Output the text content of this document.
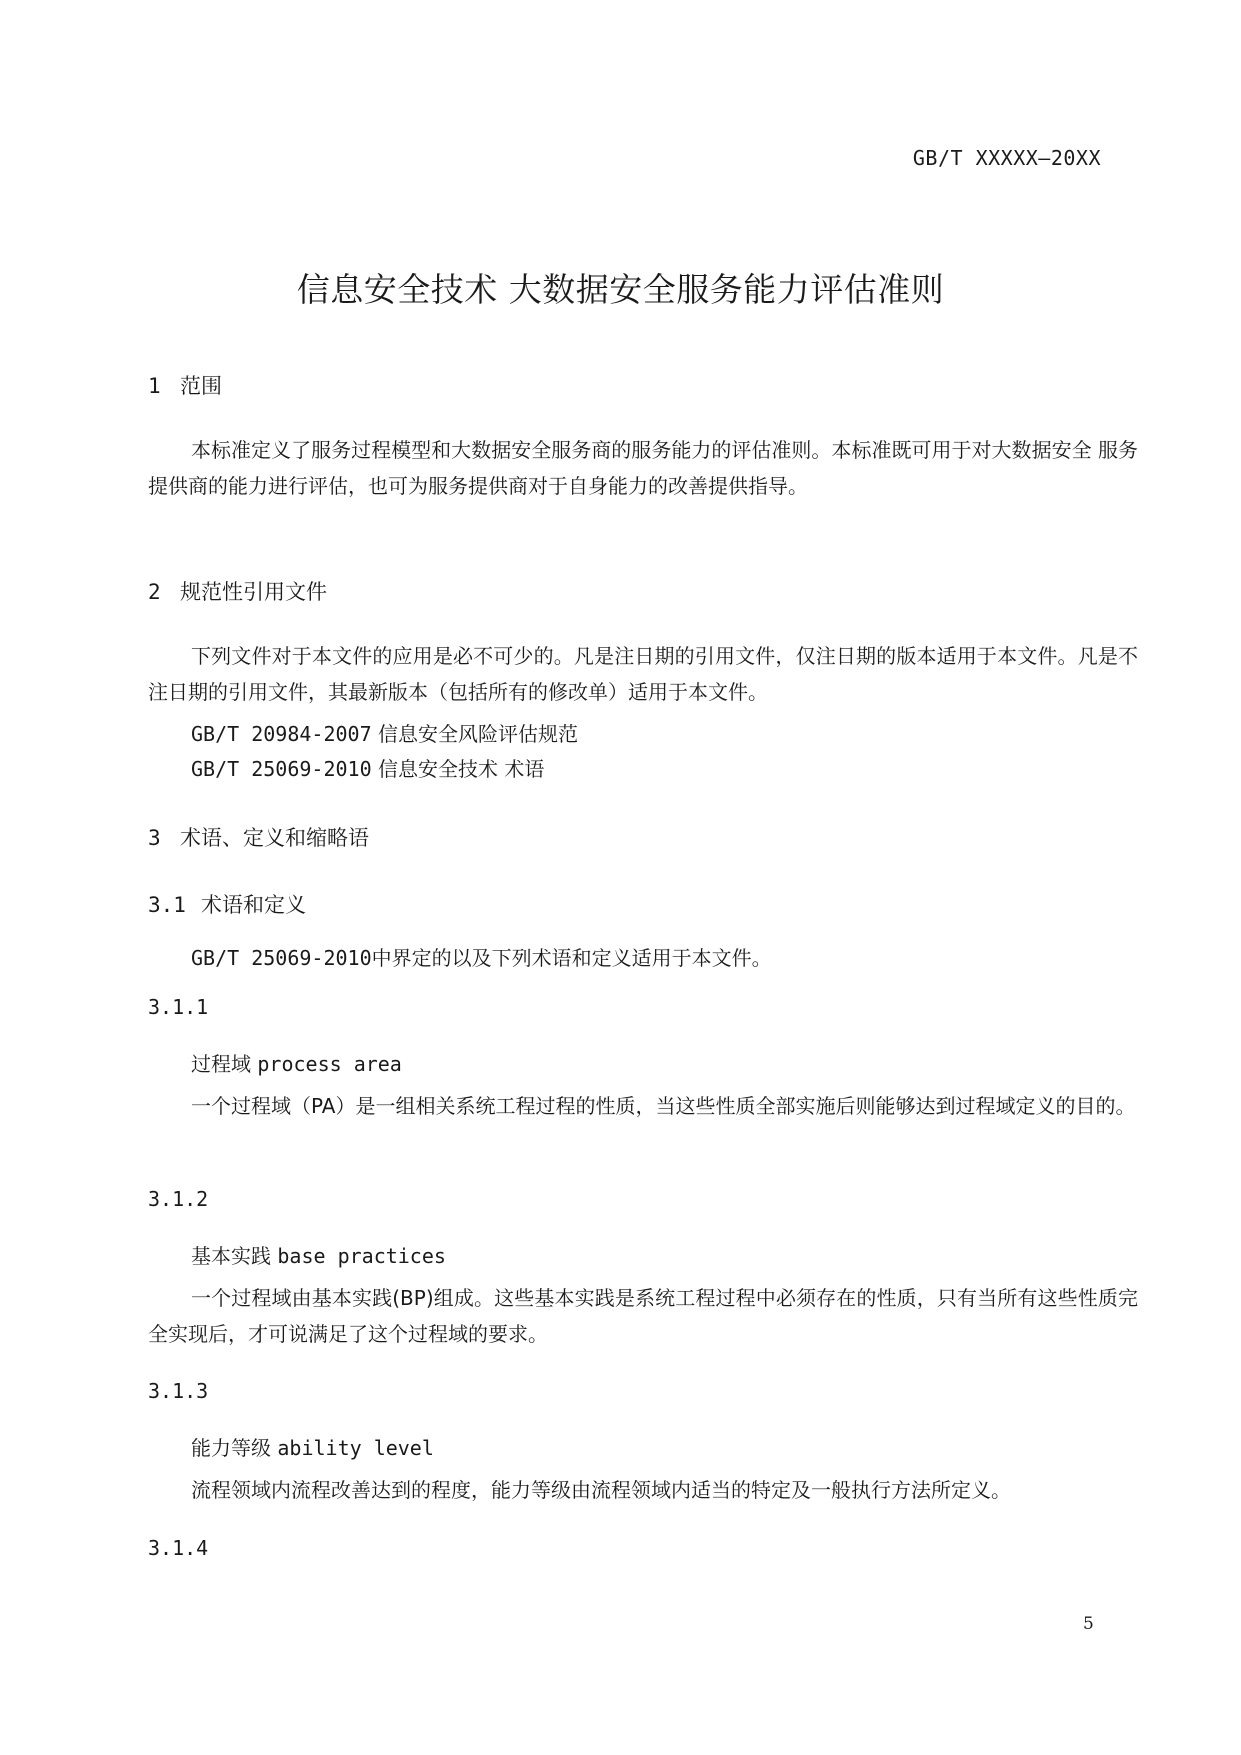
GB/T XXXXX—20XX
信息安全技术 大数据安全服务能力评估准则
1 范围
本标准定义了服务过程模型和大数据安全服务商的服务能力的评估准则。本标准既可用于对大数据安全 服务提供商的能力进行评估，也可为服务提供商对于自身能力的改善提供指导。
2 规范性引用文件
下列文件对于本文件的应用是必不可少的。凡是注日期的引用文件，仅注日期的版本适用于本文件。凡是不注日期的引用文件，其最新版本（包括所有的修改单）适用于本文件。
GB/T 20984-2007 信息安全风险评估规范
GB/T 25069-2010 信息安全技术 术语
3 术语、定义和缩略语
3.1 术语和定义
GB/T 25069-2010中界定的以及下列术语和定义适用于本文件。
3.1.1
过程域 process area
一个过程域（PA）是一组相关系统工程过程的性质，当这些性质全部实施后则能够达到过程域定义的目的。
3.1.2
基本实践 base practices
一个过程域由基本实践(BP)组成。这些基本实践是系统工程过程中必须存在的性质，只有当所有这些性质完全实现后，才可说满足了这个过程域的要求。
3.1.3
能力等级 ability level
流程领域内流程改善达到的程度，能力等级由流程领域内适当的特定及一般执行方法所定义。
3.1.4
5
